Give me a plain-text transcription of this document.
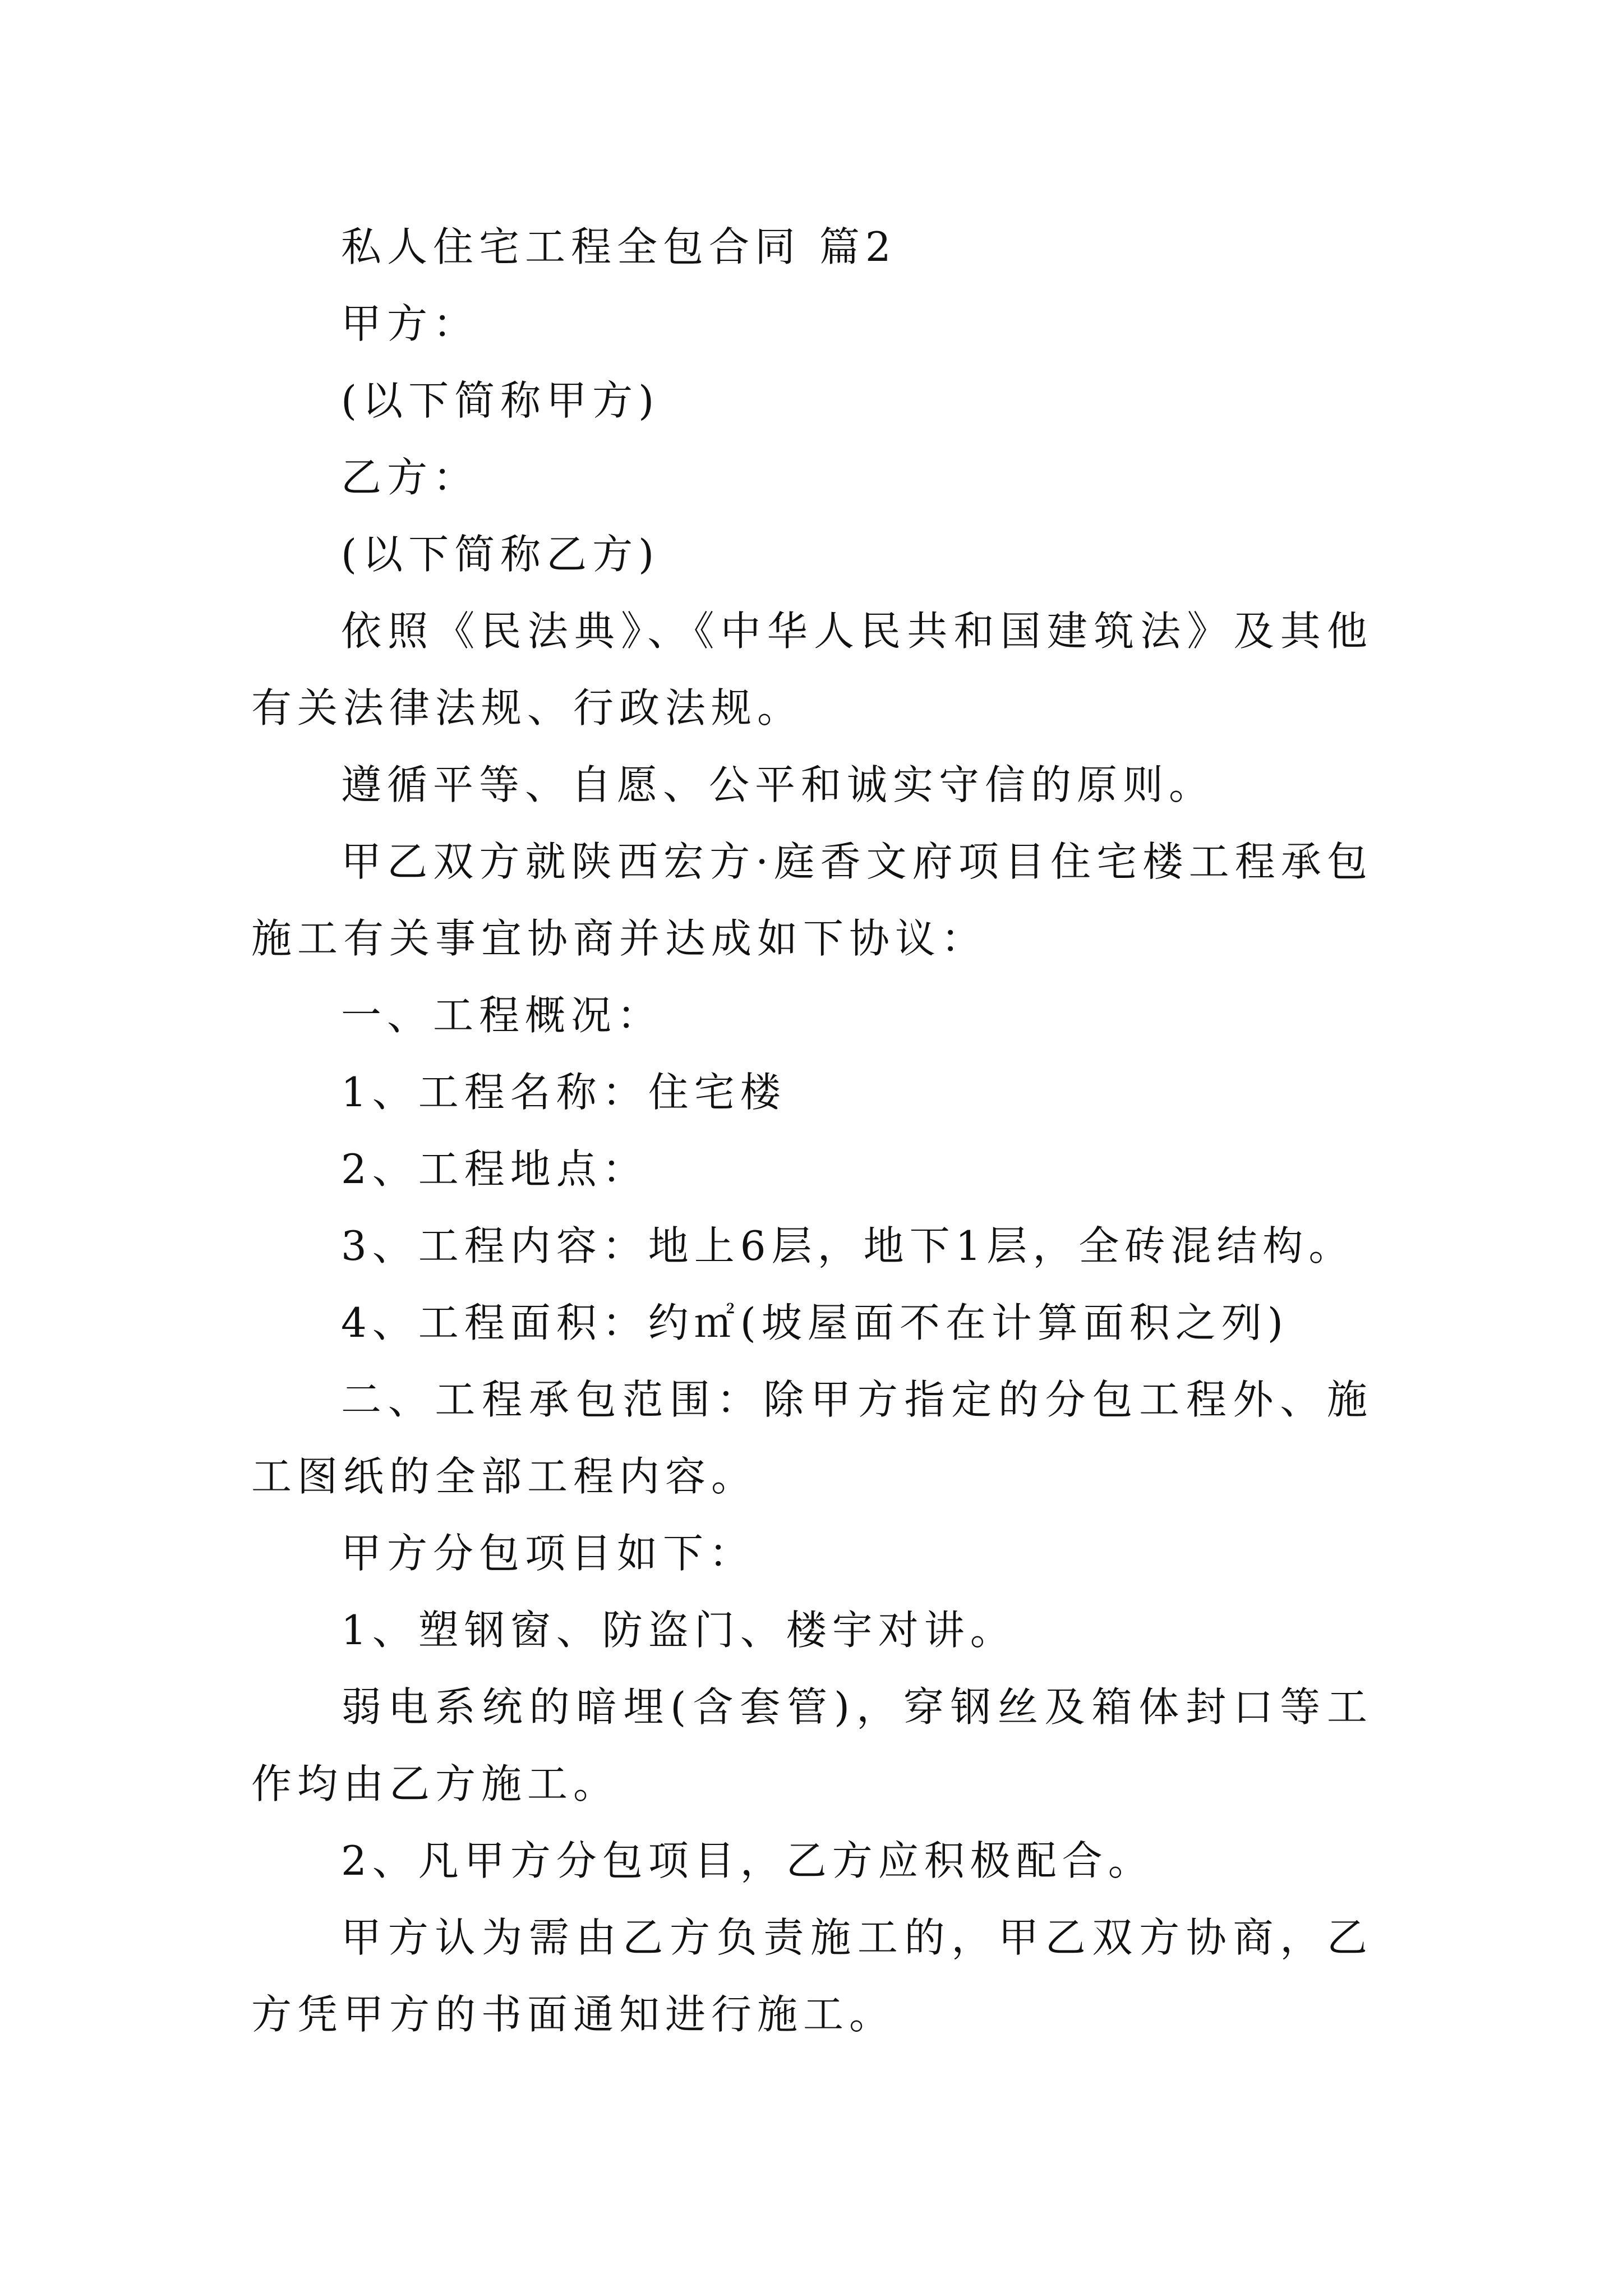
私人住宅工程全包合同 篇2

甲方：

(以下简称甲方)

乙方：

(以下简称乙方)

依照《民法典》、《中华人民共和国建筑法》及其他有关法律法规、行政法规。

遵循平等、自愿、公平和诚实守信的原则。

甲乙双方就陕西宏方·庭香文府项目住宅楼工程承包施工有关事宜协商并达成如下协议：

一、工程概况：

1、工程名称：住宅楼

2、工程地点：

3、工程内容：地上6层，地下1层，全砖混结构。

4、工程面积：约㎡(坡屋面不在计算面积之列)

二、工程承包范围：除甲方指定的分包工程外、施工图纸的全部工程内容。

甲方分包项目如下：

1、塑钢窗、防盗门、楼宇对讲。

弱电系统的暗埋(含套管)，穿钢丝及箱体封口等工作均由乙方施工。

2、凡甲方分包项目，乙方应积极配合。

甲方认为需由乙方负责施工的，甲乙双方协商，乙方凭甲方的书面通知进行施工。
